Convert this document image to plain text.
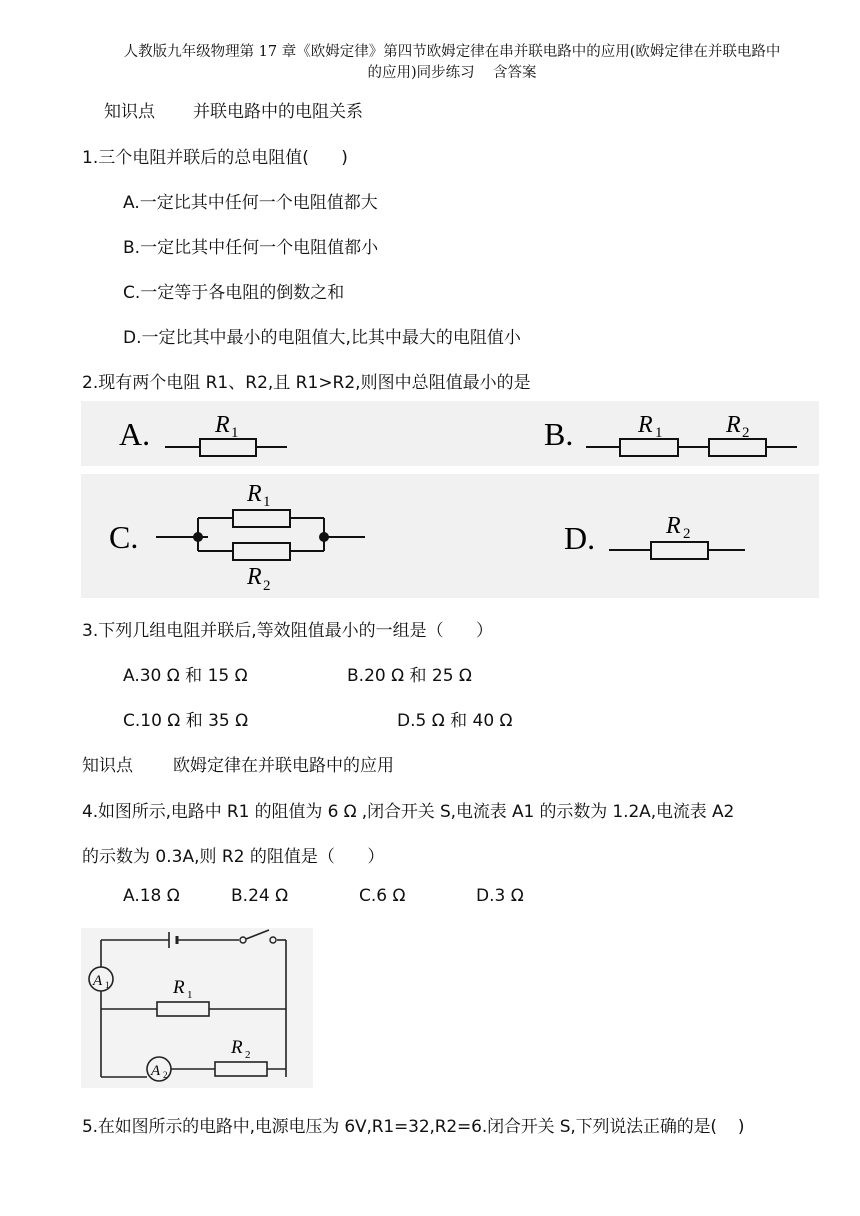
人教版九年级物理第 17 章《欧姆定律》第四节欧姆定律在串并联电路中的应用(欧姆定律在并联电路中
的应用)同步练习    含答案
知识点 并联电路中的电阻关系
1.三个电阻并联后的总电阻值(      )
A.一定比其中任何一个电阻值都大
B.一定比其中任何一个电阻值都小
C.一定等于各电阻的倒数之和
D.一定比其中最小的电阻值大,比其中最大的电阻值小
2.现有两个电阻 R1、R2,且 R1>R2,则图中总阻值最小的是
A.	R 1	B.	R 1	R 2
C.
R 1
R 2
D.	R 2
3.下列几组电阻并联后,等效阻值最小的一组是（      ）
A.30 Ω 和 15 Ω	B.20 Ω 和 25 Ω
C.10 Ω 和 35 Ω	D.5 Ω 和 40 Ω
知识点 欧姆定律在并联电路中的应用
4.如图所示,电路中 R1 的阻值为 6 Ω ,闭合开关 S,电流表 A1 的示数为 1.2A,电流表 A2
的示数为 0.3A,则 R2 的阻值是（      ）
A.18 Ω	B.24 Ω	C.6 Ω	D.3 Ω
A 1	R 1
A 2
R 2
5.在如图所示的电路中,电源电压为 6V,R1=32,R2=6.闭合开关 S,下列说法正确的是(    )
